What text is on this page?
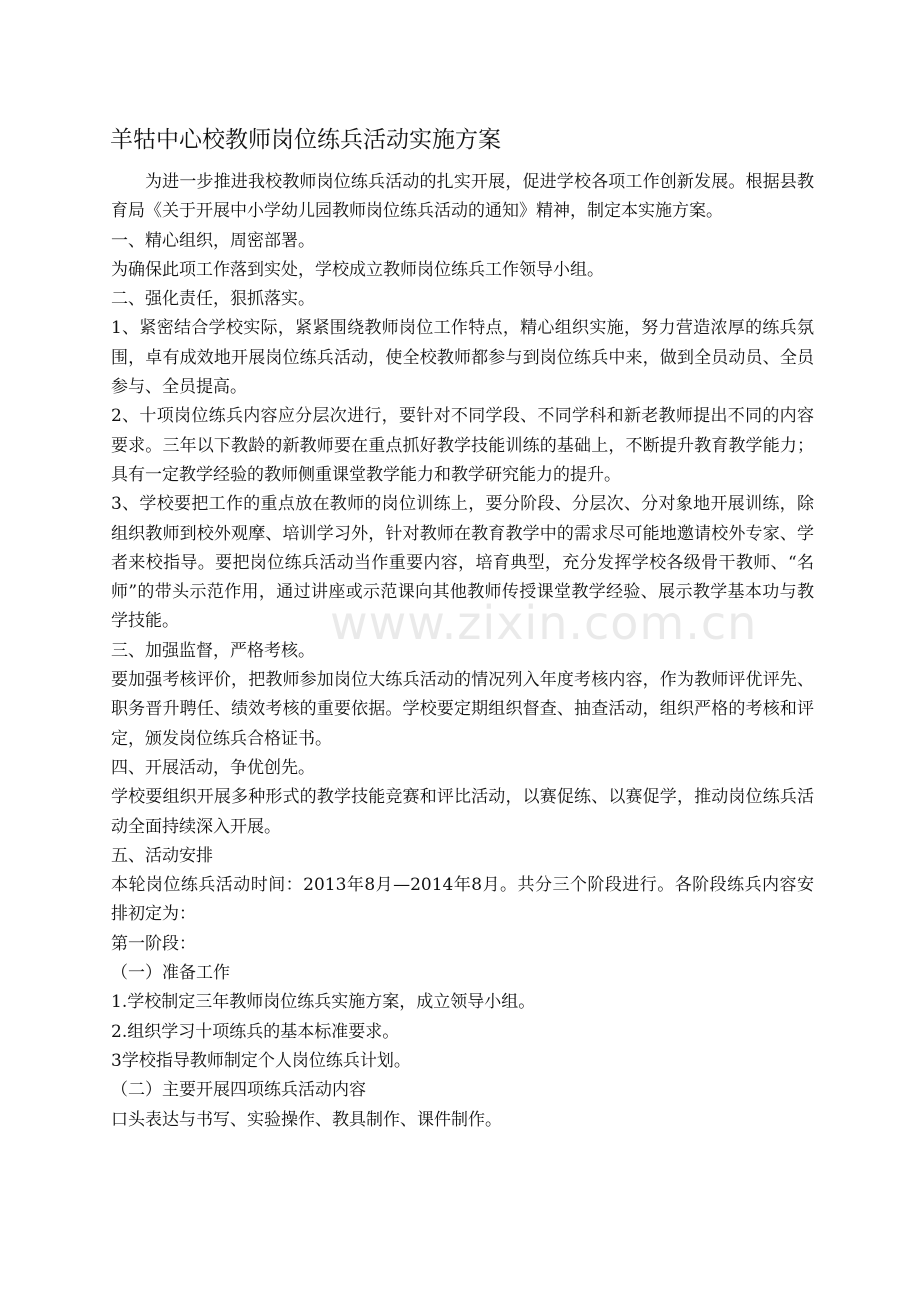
羊牯中心校教师岗位练兵活动实施方案

为进一步推进我校教师岗位练兵活动的扎实开展，促进学校各项工作创新发展。根据县教育局《关于开展中小学幼儿园教师岗位练兵活动的通知》精神，制定本实施方案。

一、精心组织，周密部署。

为确保此项工作落到实处，学校成立教师岗位练兵工作领导小组。

二、强化责任，狠抓落实。

1、紧密结合学校实际，紧紧围绕教师岗位工作特点，精心组织实施，努力营造浓厚的练兵氛围，卓有成效地开展岗位练兵活动，使全校教师都参与到岗位练兵中来，做到全员动员、全员参与、全员提高。

2、十项岗位练兵内容应分层次进行，要针对不同学段、不同学科和新老教师提出不同的内容要求。三年以下教龄的新教师要在重点抓好教学技能训练的基础上，不断提升教育教学能力；具有一定教学经验的教师侧重课堂教学能力和教学研究能力的提升。

3、学校要把工作的重点放在教师的岗位训练上，要分阶段、分层次、分对象地开展训练，除组织教师到校外观摩、培训学习外，针对教师在教育教学中的需求尽可能地邀请校外专家、学者来校指导。要把岗位练兵活动当作重要内容，培育典型，充分发挥学校各级骨干教师、“名师”的带头示范作用，通过讲座或示范课向其他教师传授课堂教学经验、展示教学基本功与教学技能。

三、加强监督，严格考核。

要加强考核评价，把教师参加岗位大练兵活动的情况列入年度考核内容，作为教师评优评先、职务晋升聘任、绩效考核的重要依据。学校要定期组织督查、抽查活动，组织严格的考核和评定，颁发岗位练兵合格证书。

四、开展活动，争优创先。

学校要组织开展多种形式的教学技能竞赛和评比活动，以赛促练、以赛促学，推动岗位练兵活动全面持续深入开展。

五、活动安排

本轮岗位练兵活动时间：2013年8月—2014年8月。共分三个阶段进行。各阶段练兵内容安排初定为：

第一阶段：

（一）准备工作

1.学校制定三年教师岗位练兵实施方案，成立领导小组。

2.组织学习十项练兵的基本标准要求。

3学校指导教师制定个人岗位练兵计划。

（二）主要开展四项练兵活动内容

口头表达与书写、实验操作、教具制作、课件制作。

www.zixin.com.cn
